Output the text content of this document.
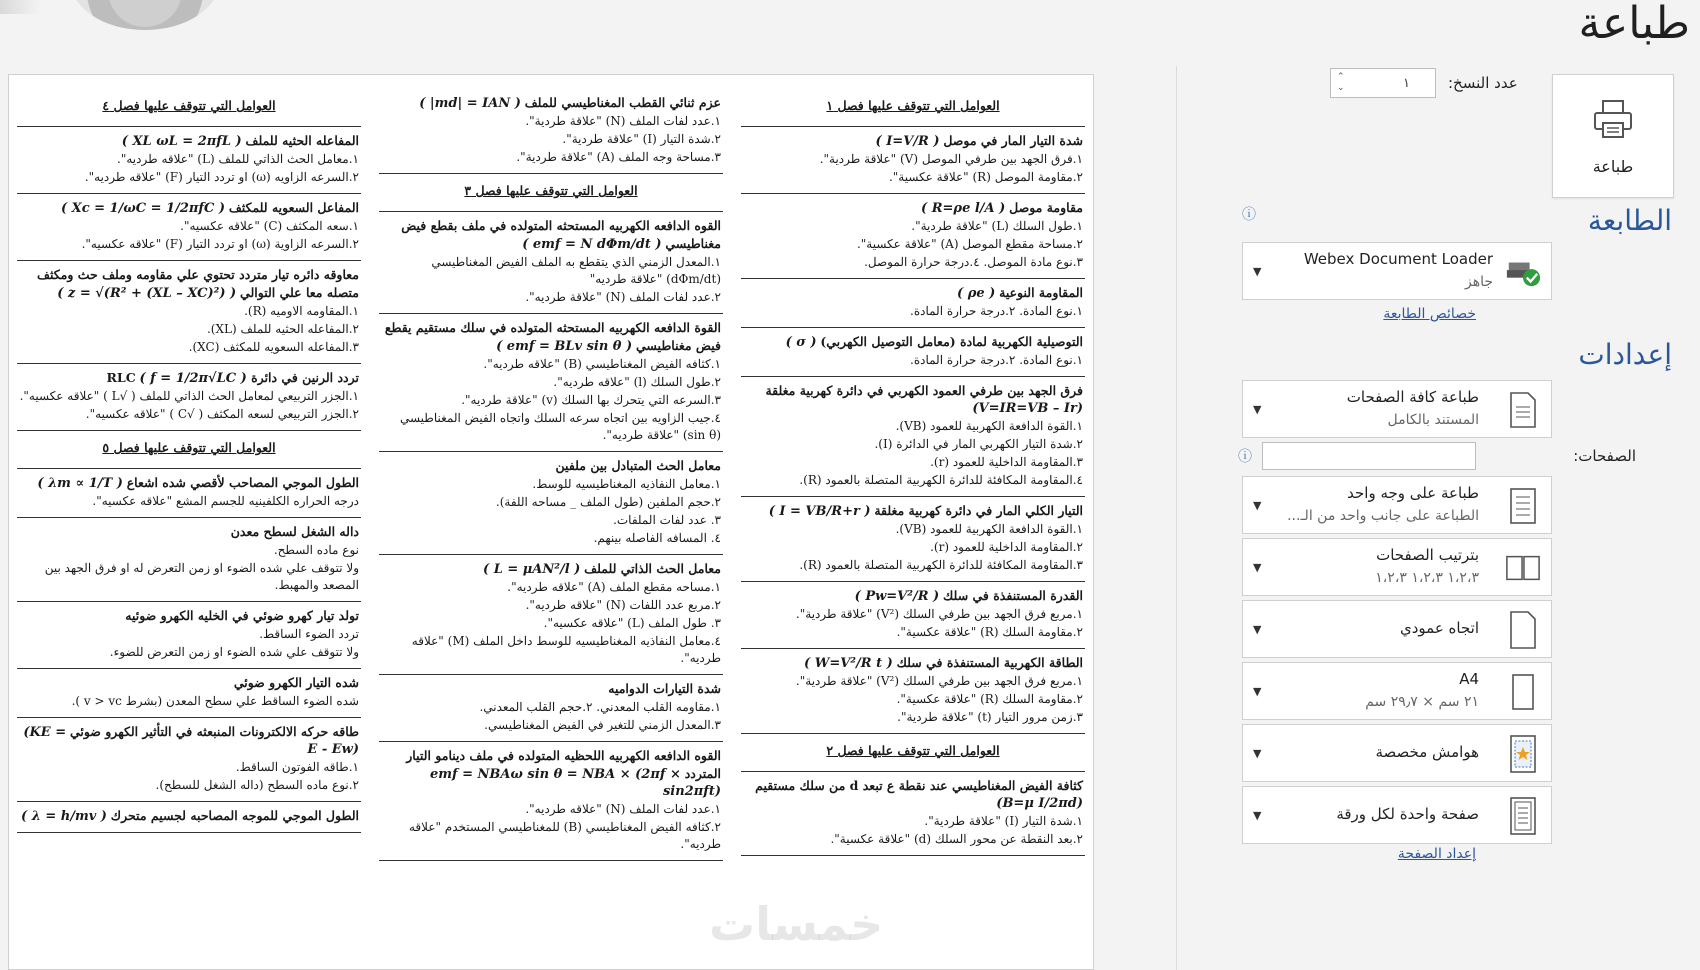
طباعة
العوامل التي تتوقف عليها فصل ١

شدة التيار المار في موصل ( I=V/R )

١.فرق الجهد بين طرفي الموصل (V) "علاقة طردية".

٢.مقاومة الموصل (R) "علاقة عكسية".

مقاومة موصل ( R=ρe l/A )

١.طول السلك (L) "علاقة طردية".

٢.مساحة مقطع الموصل (A) "علاقة عكسية".

٣.نوع مادة الموصل. ٤.درجة حرارة الموصل.

المقاومة النوعية ( ρe )

١.نوع المادة. ٢.درجة حرارة المادة.

التوصيلية الكهربية لمادة (معامل التوصيل الكهربي) ( σ )

١.نوع المادة. ٢.درجة حرارة المادة.

فرق الجهد بين طرفي العمود الكهربي في دائرة كهربية مغلقة (V=IR=VB – Ir)

١.القوة الدافعة الكهربية للعمود (VB).

٢.شدة التيار الكهربي المار في الدائرة (I).

٣.المقاومة الداخلية للعمود (r).

٤.المقاومة المكافئة للدائرة الكهربية المتصلة بالعمود (R).

التيار الكلي المار في دائرة كهربية مغلقة ( I = VB/R+r )

١.القوة الدافعة الكهربية للعمود (VB).

٢.المقاومة الداخلية للعمود (r).

٣.المقاومة المكافئة للدائرة الكهربية المتصلة بالعمود (R).

القدرة المستنفذة في سلك ( Pw=V²/R )

١.مربع فرق الجهد بين طرفي السلك (V²) "علاقة طردية".

٢.مقاومة السلك (R) "علاقة عكسية".

الطاقة الكهربية المستنفذة في سلك ( W=V²/R t )

١.مربع فرق الجهد بين طرفي السلك (V²) "علاقة طردية".

٢.مقاومة السلك (R) "علاقة عكسية".

٣.زمن مرور التيار (t) "علاقة طردية".

العوامل التي تتوقف عليها فصل ٢

كثافة الفيض المغناطيسي عند نقطة ع تبعد d من سلك مستقيم (B=μ I/2πd)

١.شدة التيار (I) "علاقة طردية".

٢.بعد النقطة عن محور السلك (d) "علاقة عكسية".

عزم ثنائي القطب المغناطيسي للملف ( |md| = IAN )

١.عدد لفات الملف (N) "علاقة طردية".

٢.شدة التيار (I) "علاقة طردية".

٣.مساحة وجه الملف (A) "علاقة طردية".

العوامل التي تتوقف عليها فصل ٣

القوه الدافعه الكهربيه المستحثه المتولده في ملف بقطع فيض مغناطيسي ( emf = N dΦm/dt )

١.المعدل الزمني الذي يتقطع به الملف الفيض المغناطيسي (dΦm/dt) "علاقة طرديه"

٢.عدد لفات الملف (N) "علاقة طرديه".

القوة الدافعه الكهربيه المستحثه المتولده في سلك مستقيم يقطع فيض مغناطيسي ( emf = BLv sin θ )

١.كثافه الفيض المغناطيسي (B) "علاقه طرديه".

٢.طول السلك (l) "علاقه طرديه".

٣.السرعه التي يتحرك بها السلك (v) "علاقة طرديه".

٤.جيب الزاويه بين اتجاه سرعه السلك واتجاه الفيض المغناطيسي (sin θ) "علاقة طرديه".

معامل الحث المتبادل بين ملفين

١.معامل النفاذيه المغناطيسيه للوسط.

٢.حجم الملفين (طول الملف _ مساحه اللفة).

٣. عدد لفات الملفات.

٤. المسافه الفاصله بينهم.

معامل الحث الذاتي للملف ( L = μAN²/l )

١.مساحه مقطع الملف (A) "علاقه طرديه".

٢.مربع عدد اللفات (N) "علاقه طرديه".

٣. طول الملف (L) "علاقه عكسيه".

٤.معامل النفاذيه المغناطيسيه للوسط داخل الملف (M) "علاقه طرديه".

شدة التيارات الدواميه

١.مقاومه القلب المعدني. ٢.حجم القلب المعدني.

٣.المعدل الزمني للتغير في الفيض المغناطيسي.

القوه الدافعه الكهربيه اللحظيه المتولده في ملف دينامو التيار المتردد emf = NBAω sin θ = NBA × (2πf × sin2πft)

١.عدد لفات الملف (N) "علاقه طرديه".

٢.كثافه الفيض المغناطيسي (B) للمغناطيسي المستخدم "علاقه طرديه".

العوامل التي تتوقف عليها فصل ٤

المفاعله الحثيه للملف ( XL ωL = 2πfL )

١.معامل الحث الذاتي للملف (L) "علاقه طرديه".

٢.السرعه الزاويه (ω) او تردد التيار (F) "علاقه طرديه".

المفاعل السعويه للمكثف ( Xc = 1/ωC = 1/2πfC )

١.سعه المكثف (C) "علاقه عكسيه".

٢.السرعه الزاوية (ω) او تردد التيار (F) "علاقه عكسيه".

معاوقه دائره تيار متردد تحتوي علي مقاومه وملف حث ومكثف متصله معا علي التوالي ( z = √(R² + (XL – XC)²) )

١.المقاومه الاوميه (R).

٢.المفاعله الحثيه للملف (XL).

٣.المفاعله السعويه للمكثف (XC).

تردد الرنين في دائرة RLC ( f = 1/2π√LC )

١.الجزر التربيعي لمعامل الحث الذاتي للملف ( √L ) "علاقه عكسيه".

٢.الجزر التربيعي لسعه المكثف ( √C ) "علاقه عكسيه".

العوامل التي تتوقف عليها فصل ٥

الطول الموجي المصاحب لأقصي شده اشعاع ( λm ∝ 1/T )

درجه الحراره الكلفينيه للجسم المشع "علاقه عكسيه".

داله الشغل لسطح معدن

نوع ماده السطح.

ولا تتوقف علي شده الضوء او زمن التعرض له او فرق الجهد بين المصعد والمهبط.

تولد تيار كهرو ضوئي في الخليه الكهرو ضوئيه

تردد الضوء الساقط.

ولا تتوقف علي شده الضوء او زمن التعرض للضوء.

شده التيار الكهرو ضوئي

شده الضوء الساقط علي سطح المعدن (بشرط v > vc ).

طاقه حركه الالكترونات المنبعثه في التأثير الكهرو ضوئي (KE = E - Ew)

١.طاقه الفوتون الساقط.

٢.نوع ماده السطح (داله الشغل للسطح).

الطول الموجي للموجه المصاحبه لجسيم متحرك ( λ = h/mv )

خمسات
طباعة
⌃
⌄	١	عدد النسخ:
الطابعة
ⓘ
Webex Document Loader
جاهز
▼
خصائص الطابعة
إعدادات
طباعة كافة الصفحات
المستند بالكامل
▼
الصفحات:
ⓘ
طباعة على وجه واحد
الطباعة على جانب واحد من الـ...
▼
بترتيب الصفحات
١،٢،٣ ١،٢،٣ ١،٢،٣
▼
اتجاه عمودي
▼
A4
٢١ سم × ٢٩٫٧ سم
▼
هوامش مخصصة
▼
صفحة واحدة لكل ورقة
▼
إعداد الصفحة
